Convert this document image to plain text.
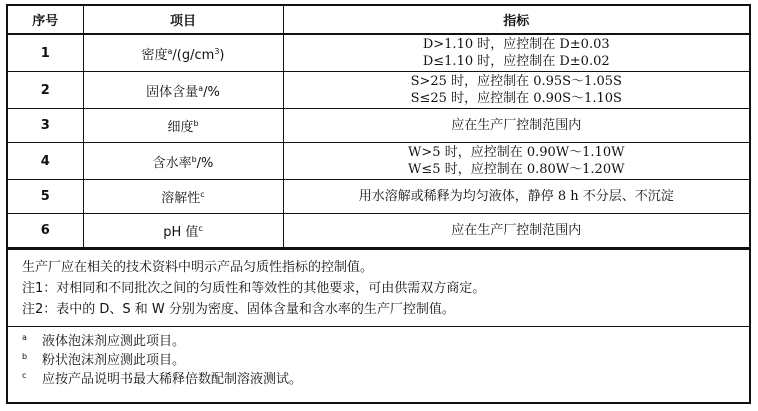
序号	项目	指标
1	密度$^a/(g/cm^3)$	D>1.10 时，应控制在 D±0.03
D≤1.10 时，应控制在 D±0.02

2	固体含量$^a$/%	S>25 时，应控制在 0.95S～1.05S
S≤25 时，应控制在 0.90S～1.10S

3	细度$^b$	应在生产厂控制范围内

4	含水率$^b$/%	W>5 时，应控制在 0.90W～1.10W
W≤5 时，应控制在 0.80W～1.20W

5	溶解性$^c$	用水溶解或稀释为均匀液体，静停 8 h 不分层、不沉淀

6	pH 值$^c$	应在生产厂控制范围内
生产厂应在相关的技术资料中明示产品匀质性指标的控制值。
注1：对相同和不同批次之间的匀质性和等效性的其他要求，可由供需双方商定。
注2：表中的 D、S 和 W 分别为密度、固体含量和含水率的生产厂控制值。
a	液体泡沫剂应测此项目。
b	粉状泡沫剂应测此项目。
c	应按产品说明书最大稀释倍数配制溶液测试。
